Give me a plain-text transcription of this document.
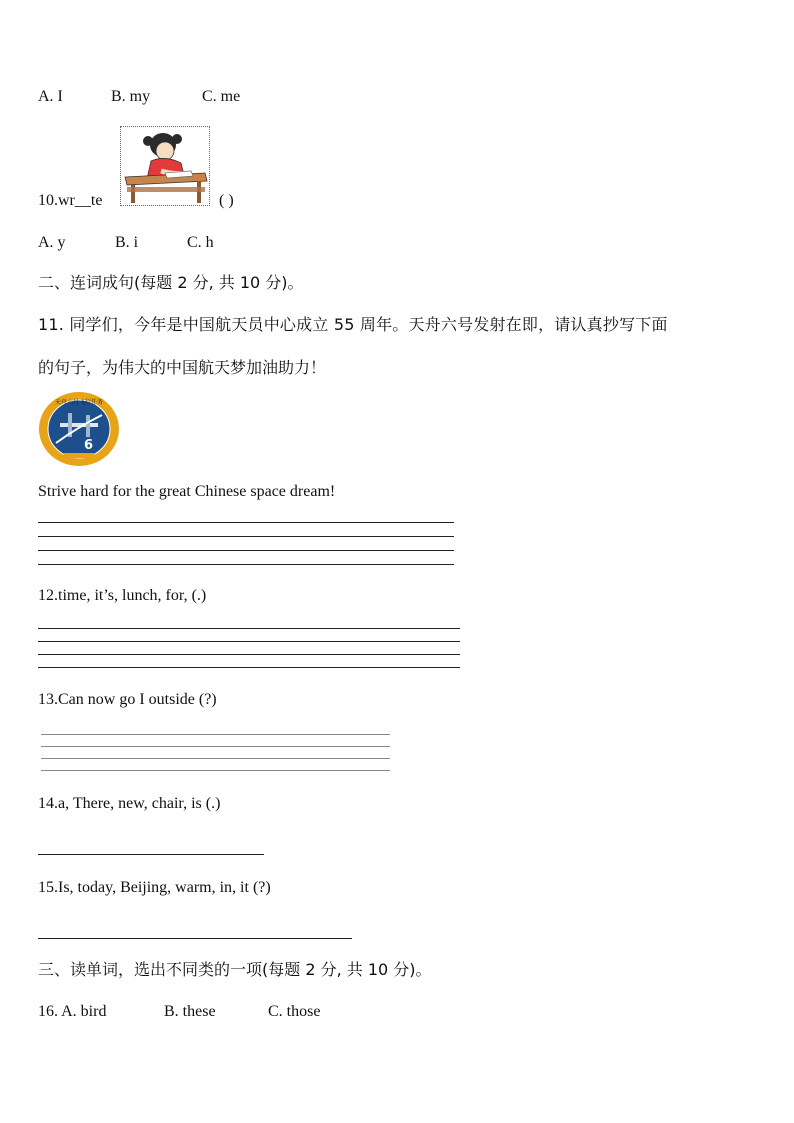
A. I	B. my	C. me
10.wr__te	( )
A. y	B. i	C. h
二、连词成句(每题 2 分, 共 10 分)。
11. 同学们，今年是中国航天员中心成立 55 周年。天舟六号发射在即，请认真抄写下面
的句子，为伟大的中国航天梦加油助力！
天舟六号飞行任务
6
Strive hard for the great Chinese space dream!
12.time, it’s, lunch, for, (.)
13.Can now go I outside (?)
14.a, There, new, chair, is (.)
15.Is, today, Beijing, warm, in, it (?)
三、读单词，选出不同类的一项(每题 2 分, 共 10 分)。
16. A. bird	B. these	C. those
